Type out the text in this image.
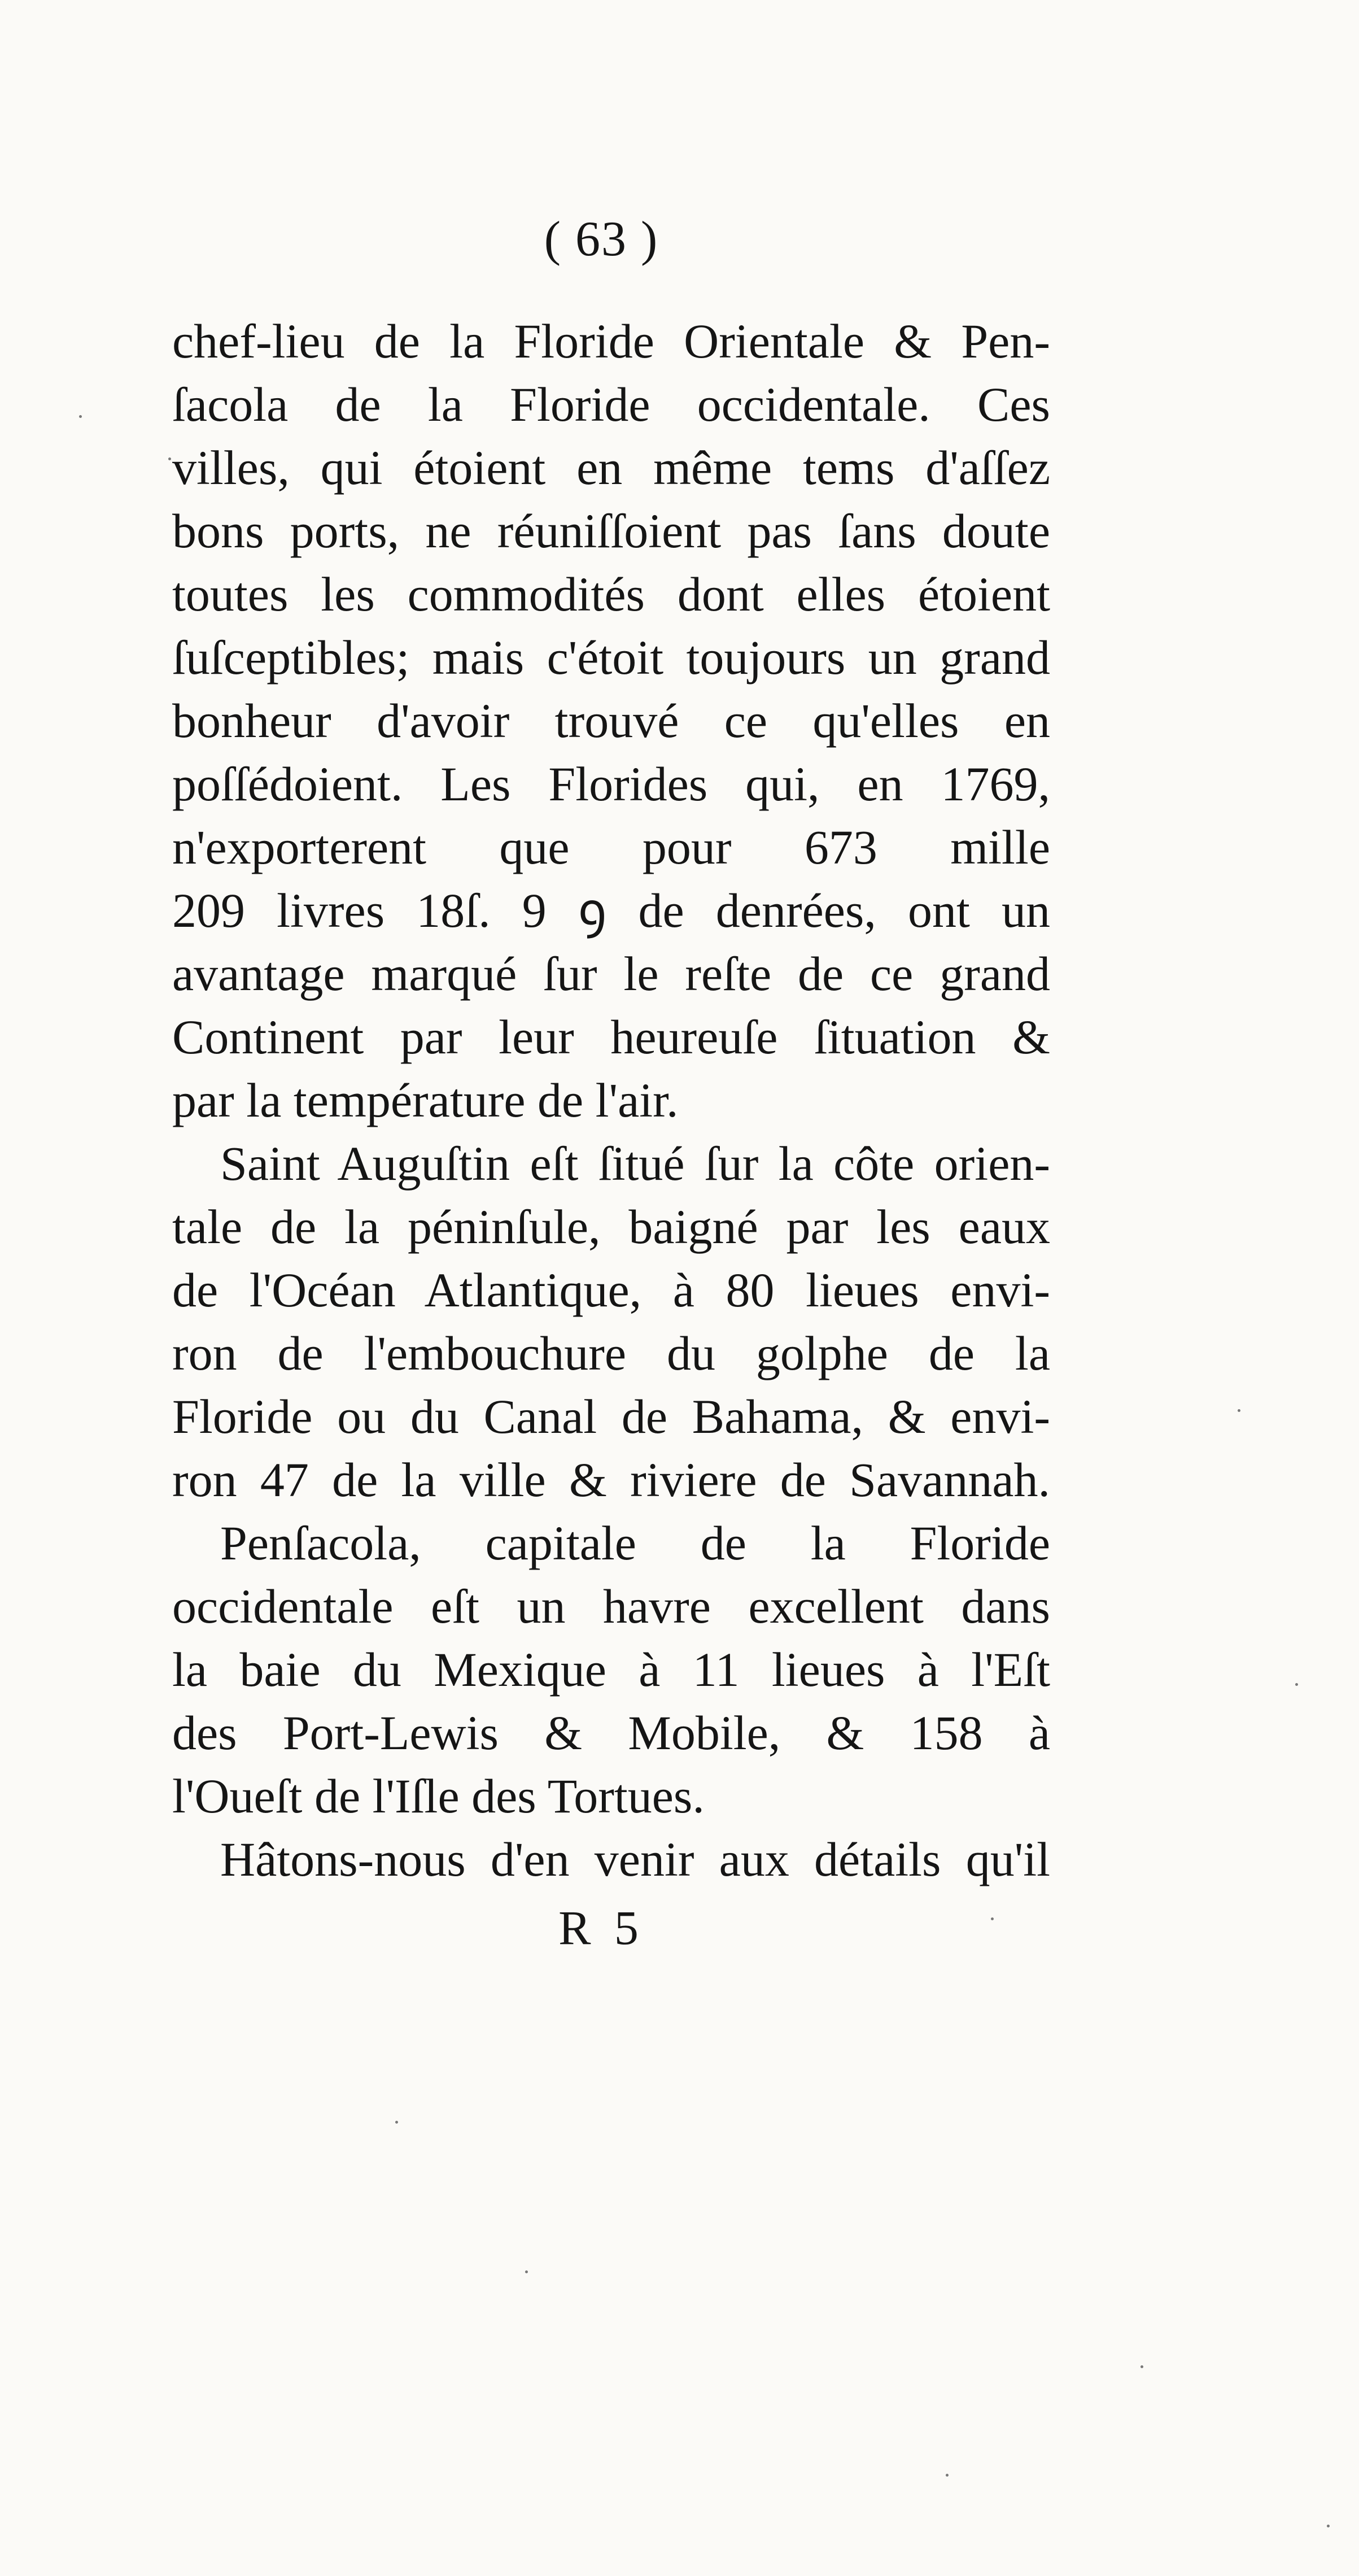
( 63 )
chef-lieu de la Floride Orientale & Pen-
ſacola de la Floride occidentale. Ces
villes, qui étoient en même tems d'aſſez
bons ports, ne réuniſſoient pas ſans doute
toutes les commodités dont elles étoient
ſuſceptibles; mais c'étoit toujours un grand
bonheur d'avoir trouvé ce qu'elles en
poſſédoient. Les Florides qui, en 1769,
n'exporterent que pour 673 mille
209 livres 18ſ. 9 ꝯ de denrées, ont un
avantage marqué ſur le reſte de ce grand
Continent par leur heureuſe ſituation &
par la température de l'air.
Saint Auguſtin eſt ſitué ſur la côte orien-
tale de la péninſule, baigné par les eaux
de l'Océan Atlantique, à 80 lieues envi-
ron de l'embouchure du golphe de la
Floride ou du Canal de Bahama, & envi-
ron 47 de la ville & riviere de Savannah.
Penſacola, capitale de la Floride
occidentale eſt un havre excellent dans
la baie du Mexique à 11 lieues à l'Eſt
des Port-Lewis & Mobile, & 158 à
l'Oueſt de l'Iſle des Tortues.
Hâtons-nous d'en venir aux détails qu'il
R 5
